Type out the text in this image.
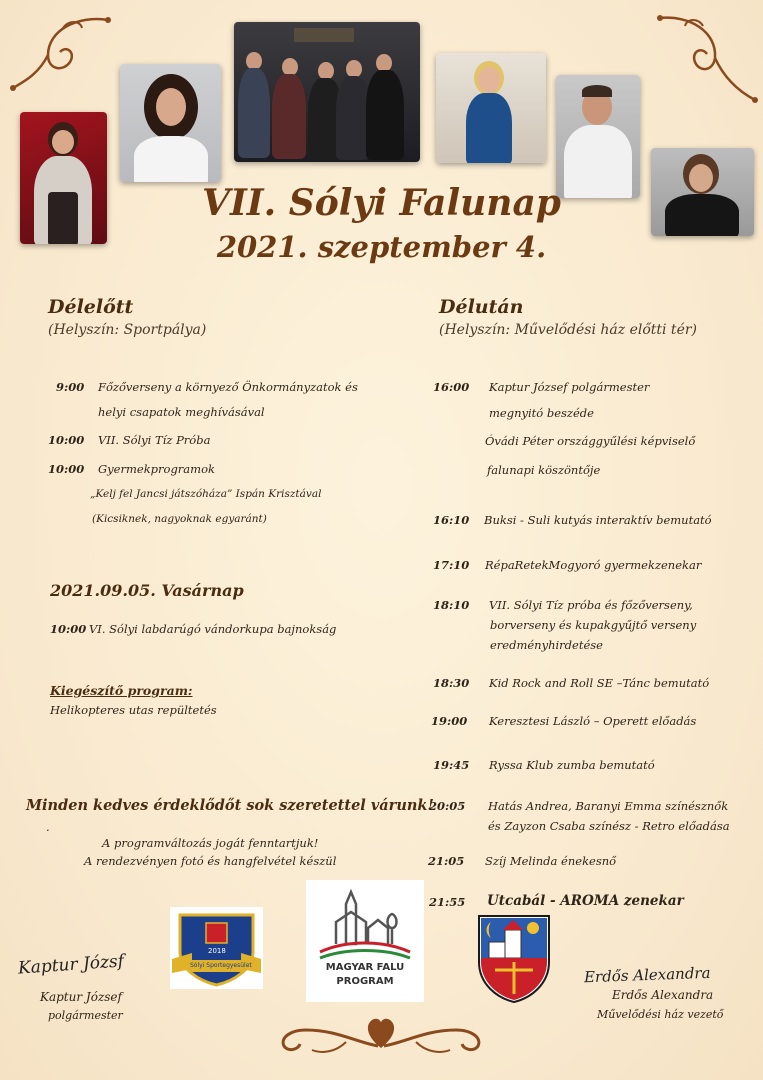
VII. Sólyi Falunap
2021. szeptember 4.
Délelőtt
(Helyszín: Sportpálya)
9:00 Főzőverseny a környező Önkormányzatok és
helyi csapatok meghívásával
10:00 VII. Sólyi Tíz Próba
10:00 Gyermekprogramok
„Kelj fel Jancsi játszóháza” Ispán Krisztával
(Kicsiknek, nagyoknak egyaránt)
2021.09.05. Vasárnap
10:00 VI. Sólyi labdarúgó vándorkupa bajnokság
Kiegészítő program:
Helikopteres utas repültetés
Minden kedves érdeklődőt sok szeretettel várunk!
.
A programváltozás jogát fenntartjuk!
A rendezvényen fotó és hangfelvétel készül
Délután
(Helyszín: Művelődési ház előtti tér)
16:00 Kaptur József polgármester
megnyitó beszéde
Óvádi Péter országgyűlési képviselő
falunapi köszöntője
16:10 Buksi - Suli kutyás interaktív bemutató
17:10 RépaRetekMogyoró gyermekzenekar
18:10 VII. Sólyi Tíz próba és főzőverseny,
borverseny és kupakgyűjtő verseny
eredményhirdetése
18:30 Kid Rock and Roll SE –Tánc bemutató
19:00 Keresztesi László – Operett előadás
19:45 Ryssa Klub zumba bemutató
20:05 Hatás Andrea, Baranyi Emma színésznők
és Zayzon Csaba színész - Retro előadása
21:05 Szíj Melinda énekesnő
21:55 Utcabál - AROMA zenekar
2018
Sólyi Sportegyesület	MAGYAR FALU
PROGRAM
Kaptur Józsf
Kaptur József
polgármester
Erdős Alexandra
Erdős Alexandra
Művelődési ház vezető
